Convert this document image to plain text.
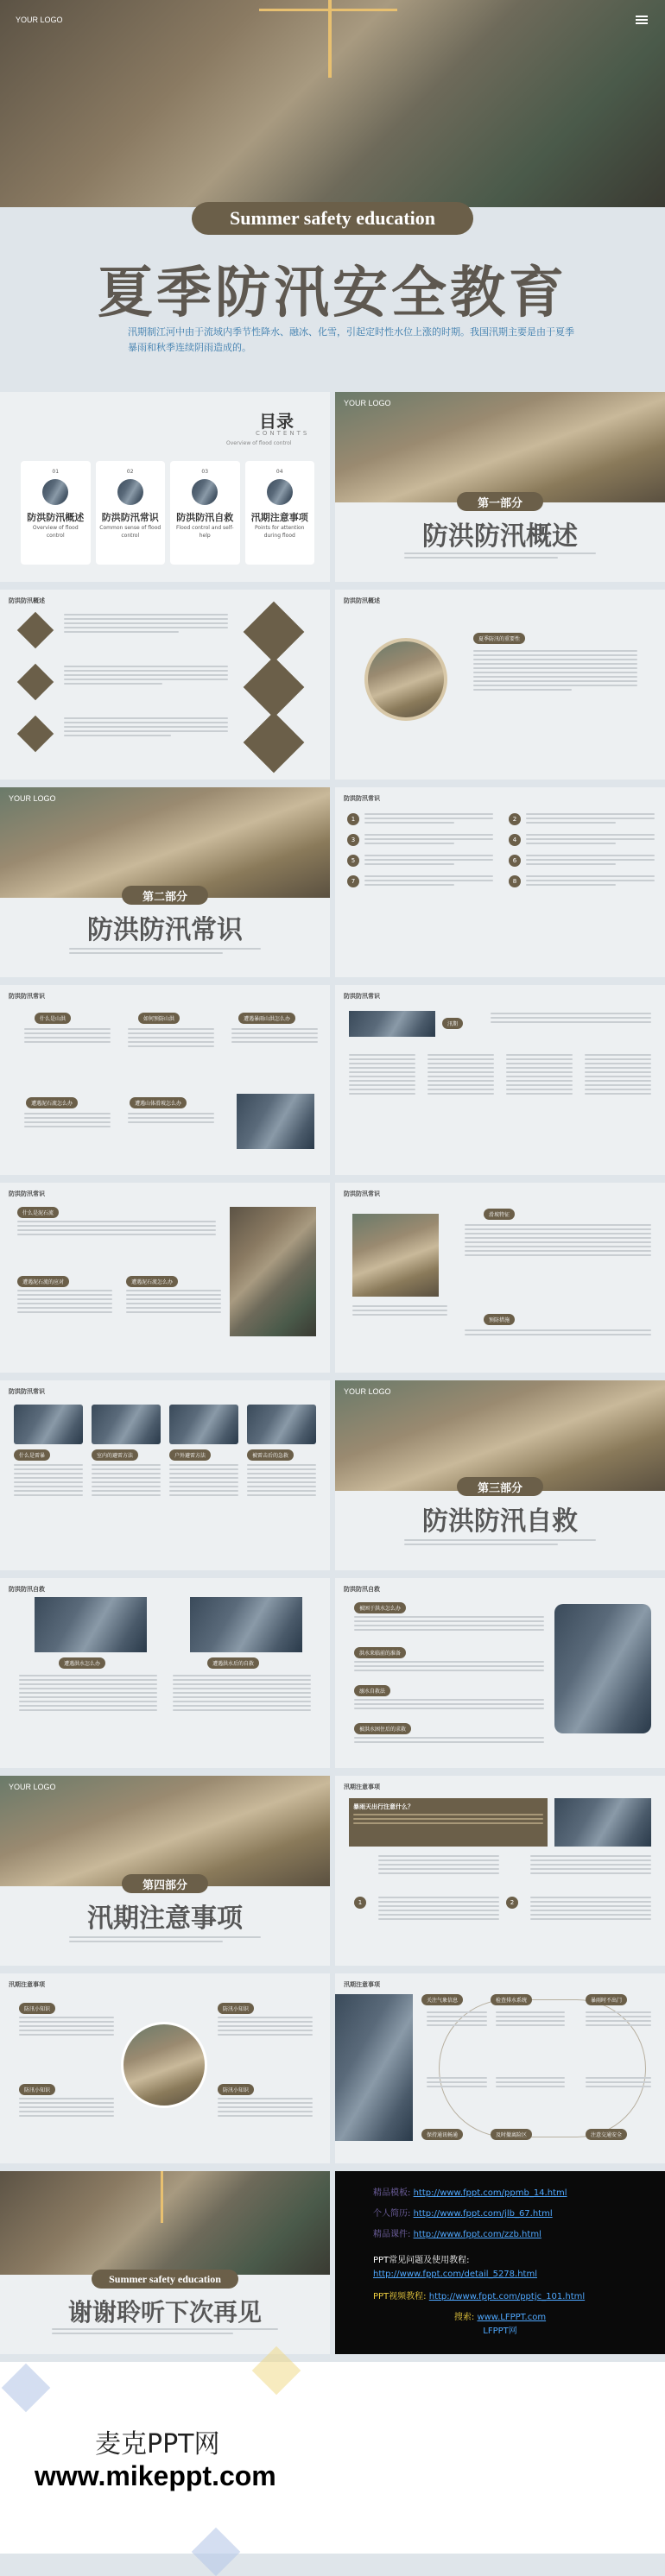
YOUR LOGO
Summer safety education
夏季防汛安全教育
汛期制江河中由于流域内季节性降水、融冰、化雪，引起定时性水位上涨的时期。我国汛期主要是由于夏季暴雨和秋季连续阴雨造成的。
目录
CONTENTS
Overview of flood control
01
防洪防汛概述
Overview of flood control
02
防洪防汛常识
Common sense of flood control
03
防洪防汛自救
Flood control and self-help
04
汛期注意事项
Points for attention during flood
YOUR LOGO
第一部分
防洪防汛概述
防洪防汛概述	防洪防汛概述
夏季防汛的重要性
YOUR LOGO
第二部分
防洪防汛常识
防洪防汛常识
1	2
3	4
5	6
7	8
防洪防汛常识
什么是山洪	如何预防山洪	遭遇暴雨山洪怎么办
遭遇泥石流怎么办	遭遇山体滑坡怎么办
防洪防汛常识
汛期
防洪防汛常识
什么是泥石流
遭遇泥石流的应对	遭遇泥石流怎么办
防洪防汛常识
滑坡特征
预防措施
防洪防汛常识
什么是雷暴	室内的避雷方法	户外避雷方法	被雷击后的急救
YOUR LOGO
第三部分
防洪防汛自救
防洪防汛自救
遭遇洪水怎么办	遭遇洪水后的自救
防洪防汛自救
被困于洪水怎么办
洪水来临前的准备
溺水自救法
被洪水困住后的求救
YOUR LOGO
第四部分
汛期注意事项
汛期注意事项
暴雨天出行注意什么？
1	2
汛期注意事项
防汛小知识	防汛小知识
防汛小知识	防汛小知识
汛期注意事项
关注气象信息	检查排水系统	暴雨时不出门
保持通讯畅通	及时撤离险区	注意交通安全
Summer safety education
谢谢聆听下次再见
精品模板: http://www.fppt.com/ppmb_14.html
个人简历: http://www.fppt.com/jlb_67.html
精品课件: http://www.fppt.com/zzb.html
PPT常见问题及使用教程:
http://www.fppt.com/detail_5278.html
PPT视频教程: http://www.fppt.com/pptjc_101.html
搜索: www.LFPPT.com
LFPPT网
麦克PPT网
www.mikeppt.com
